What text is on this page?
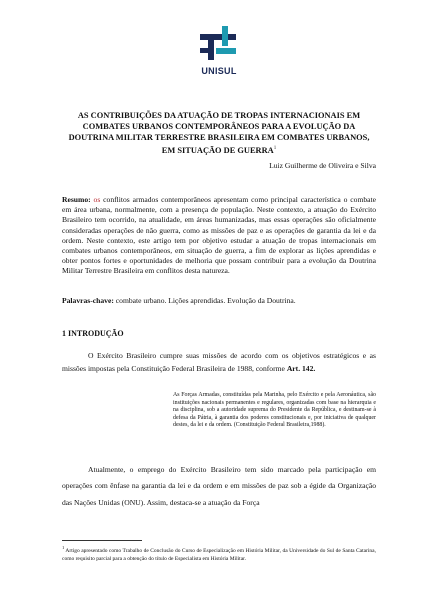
UNISUL
AS CONTRIBUIÇÕES DA ATUAÇÃO DE TROPAS INTERNACIONAIS EM COMBATES URBANOS CONTEMPORÂNEOS PARA A EVOLUÇÃO DA DOUTRINA MILITAR TERRESTRE BRASILEIRA EM COMBATES URBANOS, EM SITUAÇÃO DE GUERRA$^1$
Luiz Guilherme de Oliveira e Silva
Resumo: os conflitos armados contemporâneos apresentam como principal característica o combate em área urbana, normalmente, com a presença de população. Neste contexto, a atuação do Exército Brasileiro tem ocorrido, na atualidade, em áreas humanizadas, mas essas operações são oficialmente consideradas operações de não guerra, como as missões de paz e as operações de garantia da lei e da ordem. Neste contexto, este artigo tem por objetivo estudar a atuação de tropas internacionais em combates urbanos contemporâneos, em situação de guerra, a fim de explorar as lições aprendidas e obter pontos fortes e oportunidades de melhoria que possam contribuir para a evolução da Doutrina Militar Terrestre Brasileira em conflitos desta natureza.
Palavras-chave: combate urbano. Lições aprendidas. Evolução da Doutrina.
1 INTRODUÇÃO
O Exército Brasileiro cumpre suas missões de acordo com os objetivos estratégicos e as missões impostas pela Constituição Federal Brasileira de 1988, conforme Art. 142.
As Forças Armadas, constituídas pela Marinha, pelo Exército e pela Aeronáutica, são instituições nacionais permanentes e regulares, organizadas com base na hierarquia e na disciplina, sob a autoridade suprema do Presidente da República, e destinam-se à defesa da Pátria, à garantia dos poderes constitucionais e, por iniciativa de qualquer destes, da lei e da ordem. (Constituição Federal Brasileira,1988).
Atualmente, o emprego do Exército Brasileiro tem sido marcado pela participação em operações com ênfase na garantia da lei e da ordem e em missões de paz sob a égide da Organização das Nações Unidas (ONU). Assim, destaca-se a atuação da Força
$^1$ Artigo apresentado como Trabalho de Conclusão do Curso de Especialização em História Militar, da Universidade do Sul de Santa Catarina, como requisito parcial para a obtenção do título de Especialista em História Militar.
